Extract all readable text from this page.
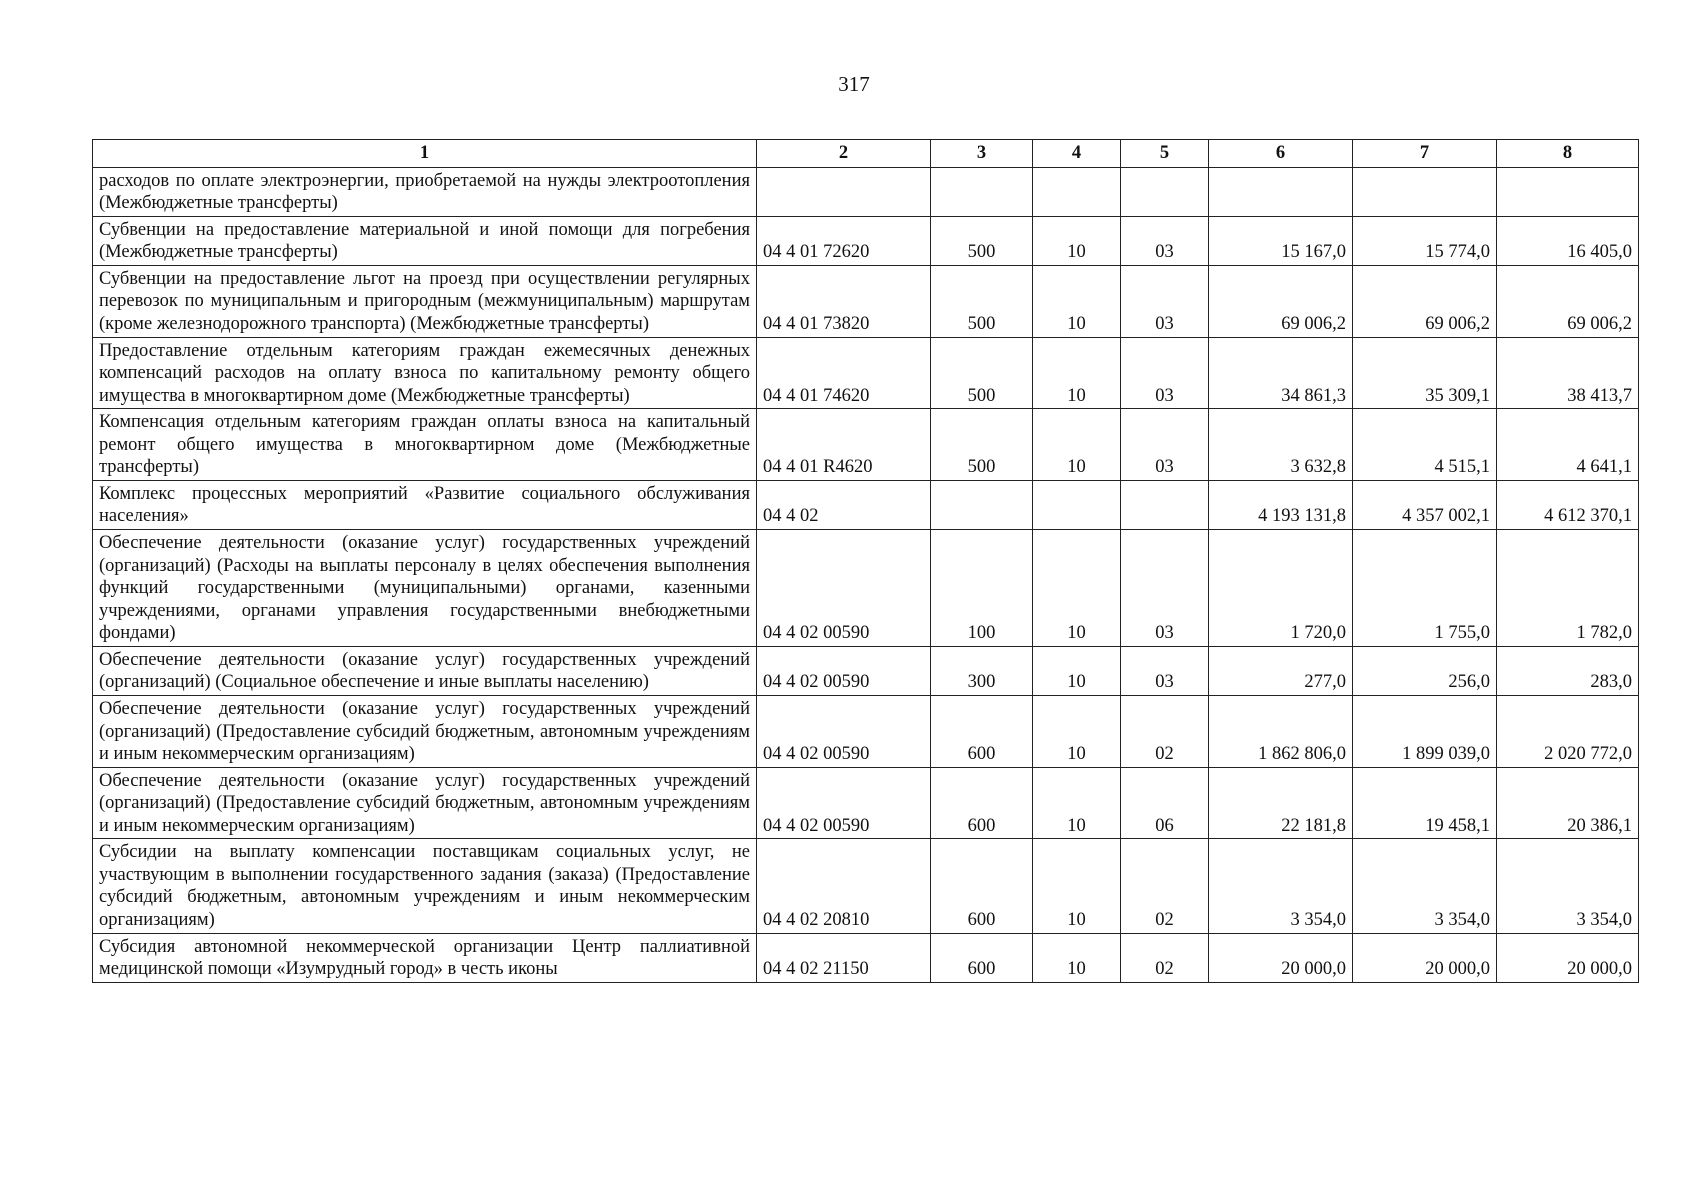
317
1	2	3	4	5	6	7	8
расходов по оплате электроэнергии, приобретаемой на нужды электроотопления (Межбюджетные трансферты)							
Субвенции на предоставление материальной и иной помощи для погребения (Межбюджетные трансферты)	04 4 01 72620	500	10	03	15 167,0	15 774,0	16 405,0
Субвенции на предоставление льгот на проезд при осуществлении регулярных перевозок по муниципальным и пригородным (межмуниципальным) маршрутам (кроме железнодорожного транспорта) (Межбюджетные трансферты)	04 4 01 73820	500	10	03	69 006,2	69 006,2	69 006,2
Предоставление отдельным категориям граждан ежемесячных денежных компенсаций расходов на оплату взноса по капитальному ремонту общего имущества в многоквартирном доме (Межбюджетные трансферты)	04 4 01 74620	500	10	03	34 861,3	35 309,1	38 413,7
Компенсация отдельным категориям граждан оплаты взноса на капитальный ремонт общего имущества в многоквартирном доме (Межбюджетные трансферты)	04 4 01 R4620	500	10	03	3 632,8	4 515,1	4 641,1
Комплекс процессных мероприятий «Развитие социального обслуживания населения»	04 4 02				4 193 131,8	4 357 002,1	4 612 370,1
Обеспечение деятельности (оказание услуг) государственных учреждений (организаций) (Расходы на выплаты персоналу в целях обеспечения выполнения функций государственными (муниципальными) органами, казенными учреждениями, органами управления государственными внебюджетными фондами)	04 4 02 00590	100	10	03	1 720,0	1 755,0	1 782,0
Обеспечение деятельности (оказание услуг) государственных учреждений (организаций) (Социальное обеспечение и иные выплаты населению)	04 4 02 00590	300	10	03	277,0	256,0	283,0
Обеспечение деятельности (оказание услуг) государственных учреждений (организаций) (Предоставление субсидий бюджетным, автономным учреждениям и иным некоммерческим организациям)	04 4 02 00590	600	10	02	1 862 806,0	1 899 039,0	2 020 772,0
Обеспечение деятельности (оказание услуг) государственных учреждений (организаций) (Предоставление субсидий бюджетным, автономным учреждениям и иным некоммерческим организациям)	04 4 02 00590	600	10	06	22 181,8	19 458,1	20 386,1
Субсидии на выплату компенсации поставщикам социальных услуг, не участвующим в выполнении государственного задания (заказа) (Предоставление субсидий бюджетным, автономным учреждениям и иным некоммерческим организациям)	04 4 02 20810	600	10	02	3 354,0	3 354,0	3 354,0
Субсидия автономной некоммерческой организации Центр паллиативной медицинской помощи «Изумрудный город» в честь иконы	04 4 02 21150	600	10	02	20 000,0	20 000,0	20 000,0
